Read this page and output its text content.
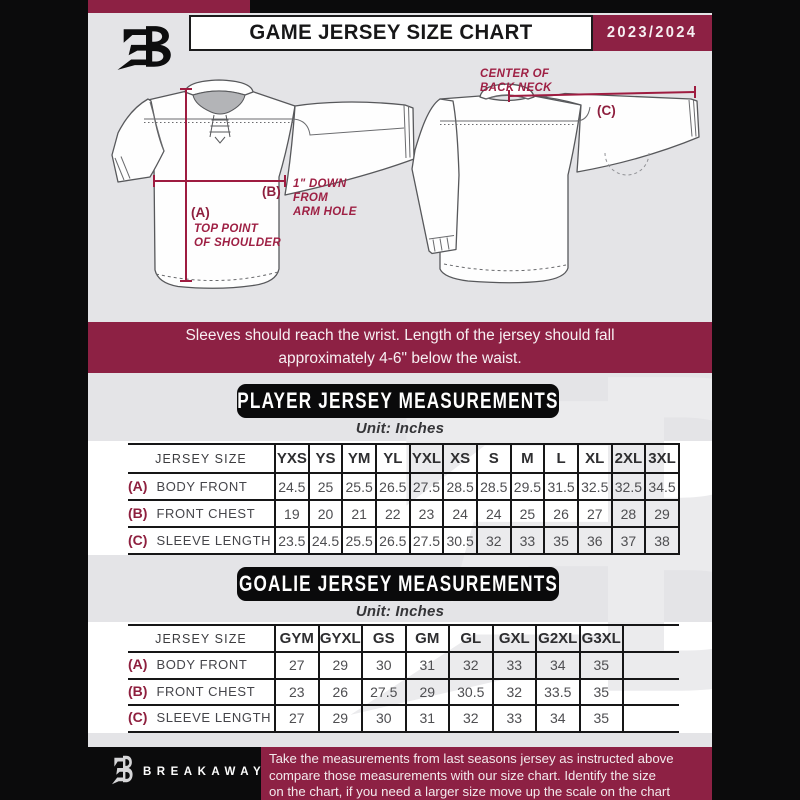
GAME JERSEY SIZE CHART	2023/2024
(A)
TOP POINT
OF SHOULDER
(B) 1" DOWN
FROM
ARM HOLE
(C)
CENTER OF
BACK NECK
Sleeves should reach the wrist. Length of the jersey should fall
approximately 4-6" below the waist.
PLAYER JERSEY MEASUREMENTS
Unit: Inches
JERSEY SIZE	YXS	YS	YM	YL	YXL	XS	S	M	L	XL	2XL	3XL
(A) BODY FRONT	24.5	25	25.5	26.5	27.5	28.5	28.5	29.5	31.5	32.5	32.5	34.5
(B) FRONT CHEST	19	20	21	22	23	24	24	25	26	27	28	29
(C) SLEEVE LENGTH	23.5	24.5	25.5	26.5	27.5	30.5	32	33	35	36	37	38
GOALIE JERSEY MEASUREMENTS
Unit: Inches
JERSEY SIZE	GYM	GYXL	GS	GM	GL	GXL	G2XL	G3XL	
(A) BODY FRONT	27	29	30	31	32	33	34	35	
(B) FRONT CHEST	23	26	27.5	29	30.5	32	33.5	35	
(C) SLEEVE LENGTH	27	29	30	31	32	33	34	35	
BREAKAWAY
Take the measurements from last seasons jersey as instructed above
compare those measurements with our size chart. Identify the size
on the chart, if you need a larger size move up the scale on the chart
